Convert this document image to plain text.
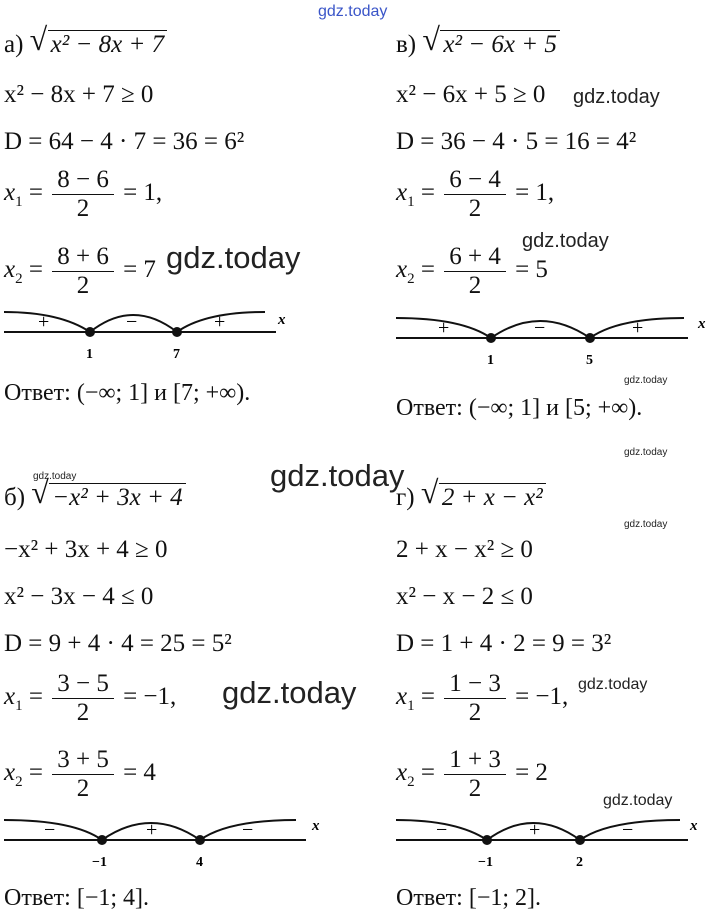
gdz.today
gdz.today
gdz.today	gdz.today
gdz.today
gdz.today
gdz.today
gdz.today
gdz.today
gdz.today	gdz.today
gdz.today
а) √ x² − 8x + 7
x² − 8x + 7 ≥ 0
D = 64 − 4 · 7 = 36 = 6²
$x_1 = \frac{8 - 6}{2} = 1$,
$x_2 = \frac{8 + 6}{2} = 7$
+	−	+
1	7
x
Ответ: (−∞; 1] и [7; +∞).
в) √ x² − 6x + 5
x² − 6x + 5 ≥ 0
D = 36 − 4 · 5 = 16 = 4²
$x_1 = \frac{6 - 4}{2} = 1$,
$x_2 = \frac{6 + 4}{2} = 5$
+	−	+
1	5
x
Ответ: (−∞; 1] и [5; +∞).
б) √ −x² + 3x + 4
−x² + 3x + 4 ≥ 0
x² − 3x − 4 ≤ 0
D = 9 + 4 · 4 = 25 = 5²
$x_1 = \frac{3 - 5}{2} = -1$,
$x_2 = \frac{3 + 5}{2} = 4$
−	+	−
−1	4
x
Ответ: [−1; 4].
г) √ 2 + x − x²
2 + x − x² ≥ 0
x² − x − 2 ≤ 0
D = 1 + 4 · 2 = 9 = 3²
$x_1 = \frac{1 - 3}{2} = -1$,
$x_2 = \frac{1 + 3}{2} = 2$
−	+	−
−1	2
x
Ответ: [−1; 2].
